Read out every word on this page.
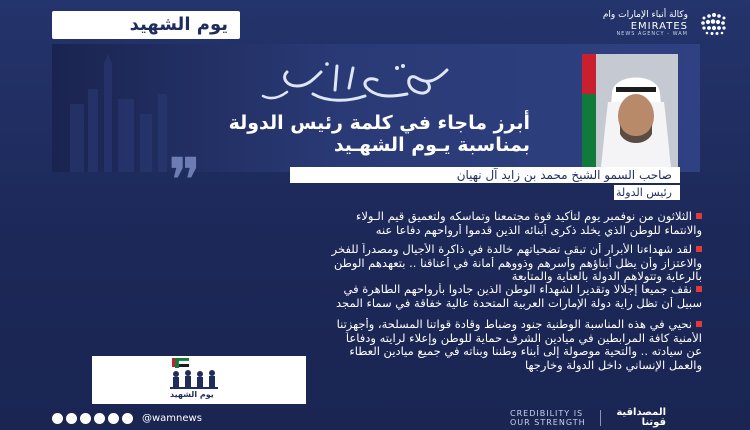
يوم الشهيد	وكالة أنباء الإمارات وام
EMIRATES
NEWS AGENCY - WAM
أبرز ماجاء في كلمة رئيس الدولة
بمناسبة يـوم الشهـيد
❞	صاحب السمو الشيخ محمد بن زايد آل نهيان
رئيس الدولة
الثلاثون من نوفمبر يوم لتأكيد قوة مجتمعنا وتماسكه ولتعميق قيم الـولاء
والانتماء للوطن الذي يخلد ذكرى أبنائه الذين قدموا أرواحهم دفاعا عنه
لقد شهداءنا الأبرار أن تبقى تضحياتهم خالدة في ذاكرة الأجيال ومصدراً للفخر
والاعتزاز وأن يظل أبناؤهم وأسرهم وذووهم أمانة في أعناقنا .. بتعهدهم الوطن
بالرعاية وتتولاهم الدولة بالعناية والمتابعة
نقف جميعا إجلالا وتقديرا لشهداء الوطن الذين جادوا بأرواحهم الطاهرة في
سبيل أن تظل راية دولة الإمارات العربية المتحدة عالية خفاقة في سماء المجد
نحيي في هذه المناسبة الوطنية جنود وضباط وقادة قواتنا المسلحة، وأجهزتنا
الأمنية كافة المرابطين في ميادين الشرف حماية للوطن وإعلاء لرايته ودفاعاً
عن سيادته .. والتحية موصولة إلى أبناء وطننا وبناته في جميع ميادين العطاء
والعمل الإنساني داخل الدولة وخارجها
يوم الشهيد
@wamnews	CREDIBILITY IS
OUR STRENGTH
المصداقية
قوتنا
